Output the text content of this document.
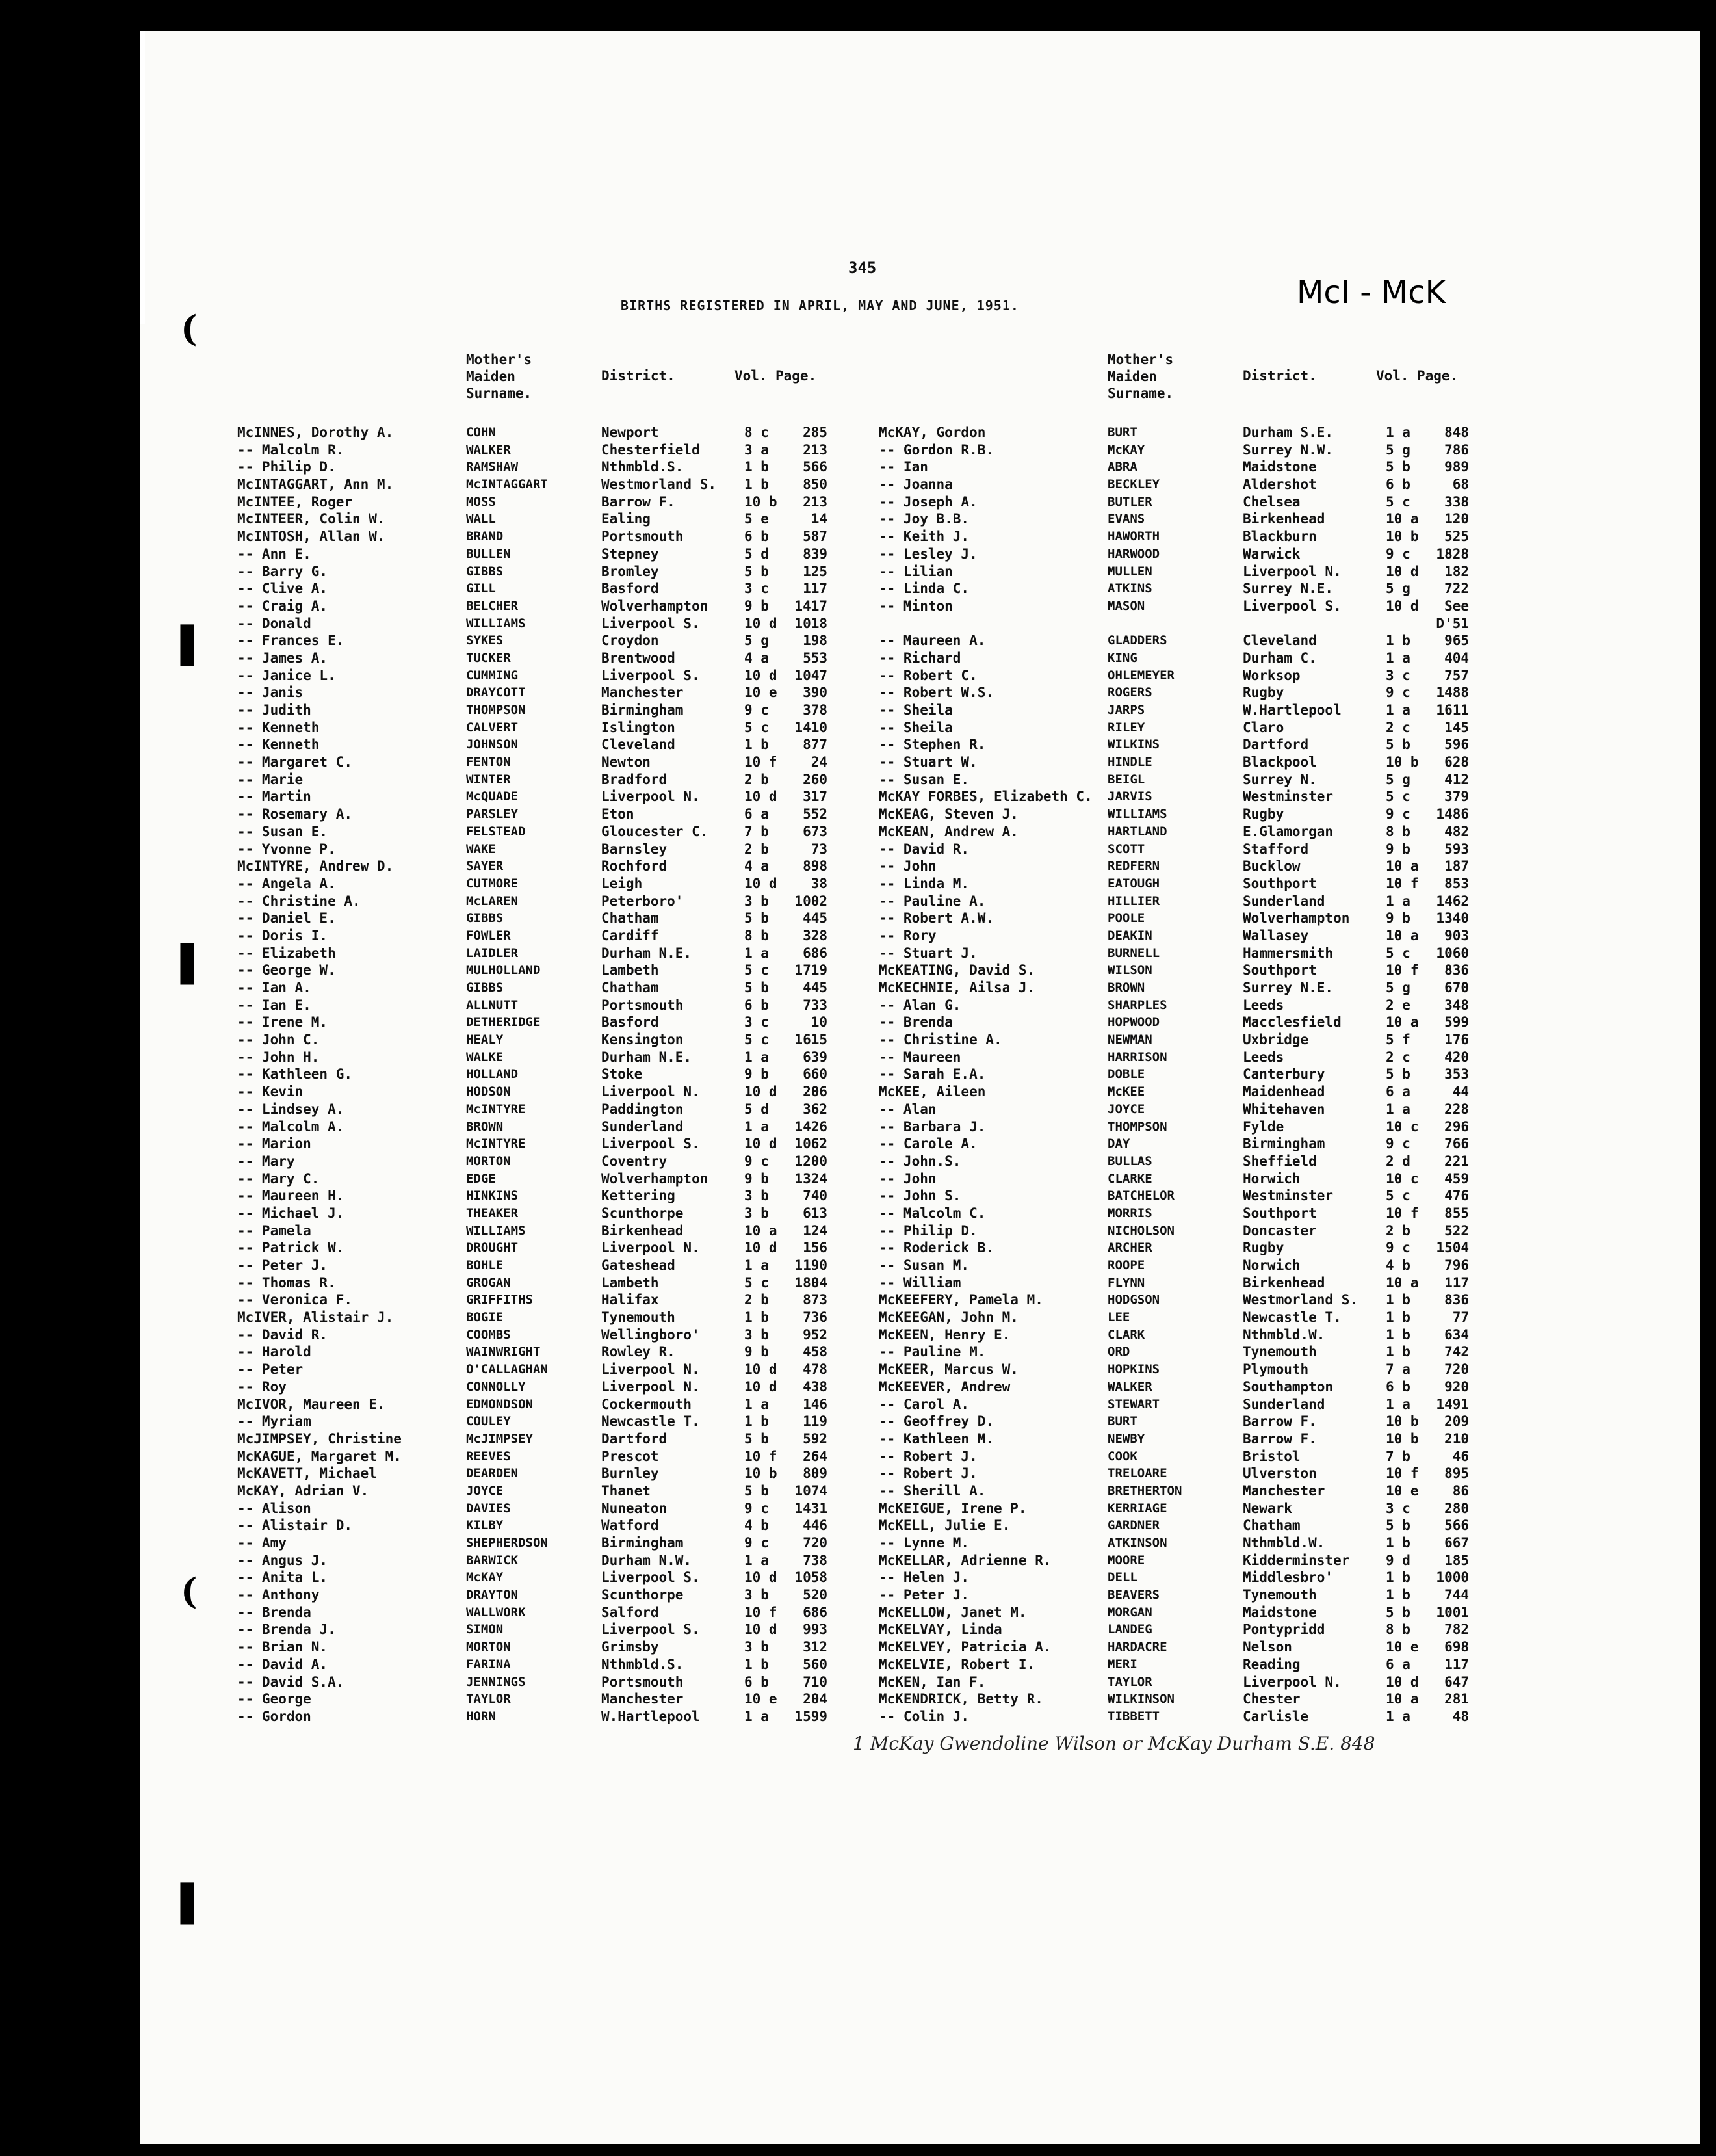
(
▌
▌
(
▌
345
BIRTHS REGISTERED IN APRIL, MAY AND JUNE, 1951.	McI - McK
Mother's Maiden Surname.
District.	Vol. Page.
McINNES, Dorothy A.	COHN	Newport	8 c	285
-- Malcolm R.	WALKER	Chesterfield	3 a	213
-- Philip D.	RAMSHAW	Nthmbld.S.	1 b	566
McINTAGGART, Ann M.	McINTAGGART	Westmorland S. 1 b	850
McINTEE, Roger	MOSS	Barrow F.	10 b	213
McINTEER, Colin W.	WALL	Ealing	5 e	14
McINTOSH, Allan W.	BRAND	Portsmouth	6 b	587
-- Ann E.	BULLEN	Stepney	5 d	839
-- Barry G.	GIBBS	Bromley	5 b	125
-- Clive A.	GILL	Basford	3 c	117
-- Craig A.	BELCHER	Wolverhampton	9 b	1417
-- Donald	WILLIAMS	Liverpool S.	10 d	1018
-- Frances E.	SYKES	Croydon	5 g	198
-- James A.	TUCKER	Brentwood	4 a	553
-- Janice L.	CUMMING	Liverpool S.	10 d	1047
-- Janis	DRAYCOTT	Manchester	10 e	390
-- Judith	THOMPSON	Birmingham	9 c	378
-- Kenneth	CALVERT	Islington	5 c	1410
-- Kenneth	JOHNSON	Cleveland	1 b	877
-- Margaret C.	FENTON	Newton	10 f	24
-- Marie	WINTER	Bradford	2 b	260
-- Martin	McQUADE	Liverpool N.	10 d	317
-- Rosemary A.	PARSLEY	Eton	6 a	552
-- Susan E.	FELSTEAD	Gloucester C.	7 b	673
-- Yvonne P.	WAKE	Barnsley	2 b	73
McINTYRE, Andrew D.	SAYER	Rochford	4 a	898
-- Angela A.	CUTMORE	Leigh	10 d	38
-- Christine A.	McLAREN	Peterboro'	3 b	1002
-- Daniel E.	GIBBS	Chatham	5 b	445
-- Doris I.	FOWLER	Cardiff	8 b	328
-- Elizabeth	LAIDLER	Durham N.E.	1 a	686
-- George W.	MULHOLLAND	Lambeth	5 c	1719
-- Ian A.	GIBBS	Chatham	5 b	445
-- Ian E.	ALLNUTT	Portsmouth	6 b	733
-- Irene M.	DETHERIDGE	Basford	3 c	10
-- John C.	HEALY	Kensington	5 c	1615
-- John H.	WALKE	Durham N.E.	1 a	639
-- Kathleen G.	HOLLAND	Stoke	9 b	660
-- Kevin	HODSON	Liverpool N.	10 d	206
-- Lindsey A.	McINTYRE	Paddington	5 d	362
-- Malcolm A.	BROWN	Sunderland	1 a	1426
-- Marion	McINTYRE	Liverpool S.	10 d	1062
-- Mary	MORTON	Coventry	9 c	1200
-- Mary C.	EDGE	Wolverhampton	9 b	1324
-- Maureen H.	HINKINS	Kettering	3 b	740
-- Michael J.	THEAKER	Scunthorpe	3 b	613
-- Pamela	WILLIAMS	Birkenhead	10 a	124
-- Patrick W.	DROUGHT	Liverpool N.	10 d	156
-- Peter J.	BOHLE	Gateshead	1 a	1190
-- Thomas R.	GROGAN	Lambeth	5 c	1804
-- Veronica F.	GRIFFITHS	Halifax	2 b	873
McIVER, Alistair J.	BOGIE	Tynemouth	1 b	736
-- David R.	COOMBS	Wellingboro'	3 b	952
-- Harold	WAINWRIGHT	Rowley R.	9 b	458
-- Peter	O'CALLAGHAN	Liverpool N.	10 d	478
-- Roy	CONNOLLY	Liverpool N.	10 d	438
McIVOR, Maureen E.	EDMONDSON	Cockermouth	1 a	146
-- Myriam	COULEY	Newcastle T.	1 b	119
McJIMPSEY, Christine	McJIMPSEY	Dartford	5 b	592
McKAGUE, Margaret M.	REEVES	Prescot	10 f	264
McKAVETT, Michael	DEARDEN	Burnley	10 b	809
McKAY, Adrian V.	JOYCE	Thanet	5 b	1074
-- Alison	DAVIES	Nuneaton	9 c	1431
-- Alistair D.	KILBY	Watford	4 b	446
-- Amy	SHEPHERDSON	Birmingham	9 c	720
-- Angus J.	BARWICK	Durham N.W.	1 a	738
-- Anita L.	McKAY	Liverpool S.	10 d	1058
-- Anthony	DRAYTON	Scunthorpe	3 b	520
-- Brenda	WALLWORK	Salford	10 f	686
-- Brenda J.	SIMON	Liverpool S.	10 d	993
-- Brian N.	MORTON	Grimsby	3 b	312
-- David A.	FARINA	Nthmbld.S.	1 b	560
-- David S.A.	JENNINGS	Portsmouth	6 b	710
-- George	TAYLOR	Manchester	10 e	204
-- Gordon	HORN	W.Hartlepool	1 a	1599
Mother's Maiden Surname.
District.	Vol. Page.
McKAY, Gordon	BURT	Durham S.E.	1 a	848
-- Gordon R.B.	McKAY	Surrey N.W.	5 g	786
-- Ian	ABRA	Maidstone	5 b	989
-- Joanna	BECKLEY	Aldershot	6 b	68
-- Joseph A.	BUTLER	Chelsea	5 c	338
-- Joy B.B.	EVANS	Birkenhead	10 a	120
-- Keith J.	HAWORTH	Blackburn	10 b	525
-- Lesley J.	HARWOOD	Warwick	9 c	1828
-- Lilian	MULLEN	Liverpool N.	10 d	182
-- Linda C.	ATKINS	Surrey N.E.	5 g	722
-- Minton	MASON	Liverpool S.	10 d	See
D'51
-- Maureen A.	GLADDERS	Cleveland	1 b	965
-- Richard	KING	Durham C.	1 a	404
-- Robert C.	OHLEMEYER	Worksop	3 c	757
-- Robert W.S.	ROGERS	Rugby	9 c	1488
-- Sheila	JARPS	W.Hartlepool	1 a	1611
-- Sheila	RILEY	Claro	2 c	145
-- Stephen R.	WILKINS	Dartford	5 b	596
-- Stuart W.	HINDLE	Blackpool	10 b	628
-- Susan E.	BEIGL	Surrey N.	5 g	412
McKAY FORBES, Elizabeth C. JARVIS	Westminster	5 c	379
McKEAG, Steven J.	WILLIAMS	Rugby	9 c	1486
McKEAN, Andrew A.	HARTLAND	E.Glamorgan	8 b	482
-- David R.	SCOTT	Stafford	9 b	593
-- John	REDFERN	Bucklow	10 a	187
-- Linda M.	EATOUGH	Southport	10 f	853
-- Pauline A.	HILLIER	Sunderland	1 a	1462
-- Robert A.W.	POOLE	Wolverhampton	9 b	1340
-- Rory	DEAKIN	Wallasey	10 a	903
-- Stuart J.	BURNELL	Hammersmith	5 c	1060
McKEATING, David S.	WILSON	Southport	10 f	836
McKECHNIE, Ailsa J.	BROWN	Surrey N.E.	5 g	670
-- Alan G.	SHARPLES	Leeds	2 e	348
-- Brenda	HOPWOOD	Macclesfield	10 a	599
-- Christine A.	NEWMAN	Uxbridge	5 f	176
-- Maureen	HARRISON	Leeds	2 c	420
-- Sarah E.A.	DOBLE	Canterbury	5 b	353
McKEE, Aileen	McKEE	Maidenhead	6 a	44
-- Alan	JOYCE	Whitehaven	1 a	228
-- Barbara J.	THOMPSON	Fylde	10 c	296
-- Carole A.	DAY	Birmingham	9 c	766
-- John.S.	BULLAS	Sheffield	2 d	221
-- John	CLARKE	Horwich	10 c	459
-- John S.	BATCHELOR	Westminster	5 c	476
-- Malcolm C.	MORRIS	Southport	10 f	855
-- Philip D.	NICHOLSON	Doncaster	2 b	522
-- Roderick B.	ARCHER	Rugby	9 c	1504
-- Susan M.	ROOPE	Norwich	4 b	796
-- William	FLYNN	Birkenhead	10 a	117
McKEEFERY, Pamela M.	HODGSON	Westmorland S. 1 b	836
McKEEGAN, John M.	LEE	Newcastle T.	1 b	77
McKEEN, Henry E.	CLARK	Nthmbld.W.	1 b	634
-- Pauline M.	ORD	Tynemouth	1 b	742
McKEER, Marcus W.	HOPKINS	Plymouth	7 a	720
McKEEVER, Andrew	WALKER	Southampton	6 b	920
-- Carol A.	STEWART	Sunderland	1 a	1491
-- Geoffrey D.	BURT	Barrow F.	10 b	209
-- Kathleen M.	NEWBY	Barrow F.	10 b	210
-- Robert J.	COOK	Bristol	7 b	46
-- Robert J.	TRELOARE	Ulverston	10 f	895
-- Sherill A.	BRETHERTON	Manchester	10 e	86
McKEIGUE, Irene P.	KERRIAGE	Newark	3 c	280
McKELL, Julie E.	GARDNER	Chatham	5 b	566
-- Lynne M.	ATKINSON	Nthmbld.W.	1 b	667
McKELLAR, Adrienne R.	MOORE	Kidderminster	9 d	185
-- Helen J.	DELL	Middlesbro'	1 b	1000
-- Peter J.	BEAVERS	Tynemouth	1 b	744
McKELLOW, Janet M.	MORGAN	Maidstone	5 b	1001
McKELVAY, Linda	LANDEG	Pontypridd	8 b	782
McKELVEY, Patricia A.	HARDACRE	Nelson	10 e	698
McKELVIE, Robert I.	MERI	Reading	6 a	117
McKEN, Ian F.	TAYLOR	Liverpool N.	10 d	647
McKENDRICK, Betty R.	WILKINSON	Chester	10 a	281
-- Colin J.	TIBBETT	Carlisle	1 a	48
1 McKay Gwendoline Wilson or McKay Durham S.E. 848
